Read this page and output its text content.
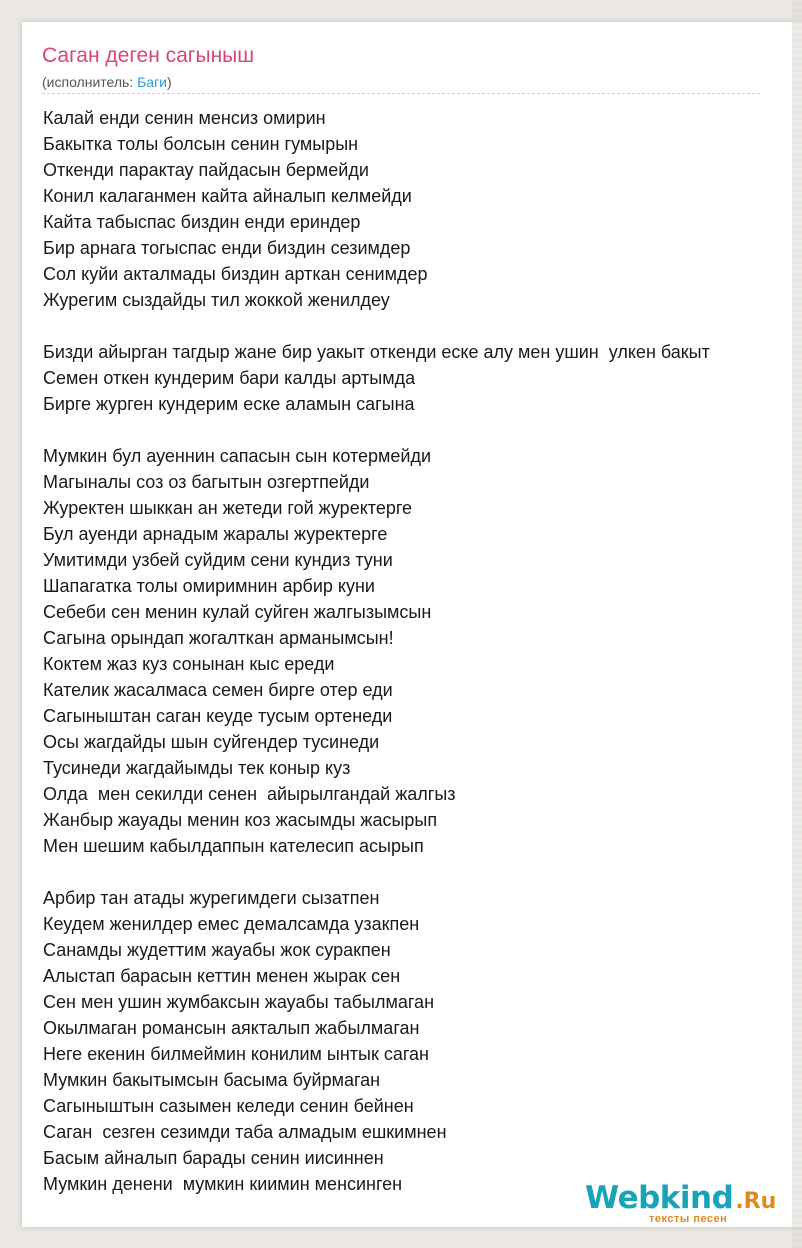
Саган деген сагыныш
(исполнитель: Баги)
Калай енди сенин менсиз омирин
Бакытка толы болсын сенин гумырын
Откенди парактау пайдасын бермейди
Конил калаганмен кайта айналып келмейди
Кайта табыспас биздин енди ериндер
Бир арнага тогыспас енди биздин сезимдер
Сол куйи акталмады биздин арткан сенимдер
Журегим сыздайды тил жоккой женилдеу
Бизди айырган тагдыр жане бир уакыт откенди еске алу мен ушин  улкен бакыт
Семен откен кундерим бари калды артымда
Бирге журген кундерим еске аламын сагына
Мумкин бул ауеннин сапасын сын котермейди
Магыналы соз оз багытын озгертпейди
Журектен шыккан ан жетеди гой журектерге
Бул ауенди арнадым жаралы журектерге
Умитимди узбей суйдим сени кундиз туни
Шапагатка толы омиримнин арбир куни
Себеби сен менин кулай суйген жалгызымсын
Сагына орындап жогалткан арманымсын!
Коктем жаз куз сонынан кыс ереди
Кателик жасалмаса семен бирге отер еди
Сагыныштан саган кеуде тусым ортенеди
Осы жагдайды шын суйгендер тусинеди
Тусинеди жагдайымды тек коныр куз
Олда  мен секилди сенен  айырылгандай жалгыз
Жанбыр жауады менин коз жасымды жасырып
Мен шешим кабылдаппын кателесип асырып
Арбир тан атады журегимдеги сызатпен
Кеудем женилдер емес демалсамда узакпен
Санамды жудеттим жауабы жок суракпен
Алыстап барасын кеттин менен жырак сен
Сен мен ушин жумбаксын жауабы табылмаган
Окылмаган романсын аякталып жабылмаган
Неге екенин билмеймин конилим ынтык саган
Мумкин бакытымсын басыма буйрмаган
Сагыныштын сазымен келеди сенин бейнен
Саган  сезген сезимди таба алмадым ешкимнен
Басым айналып барады сенин иисиннен
Мумкин денени  мумкин киимин менсинген	Webkind.Ru
тексты песен
